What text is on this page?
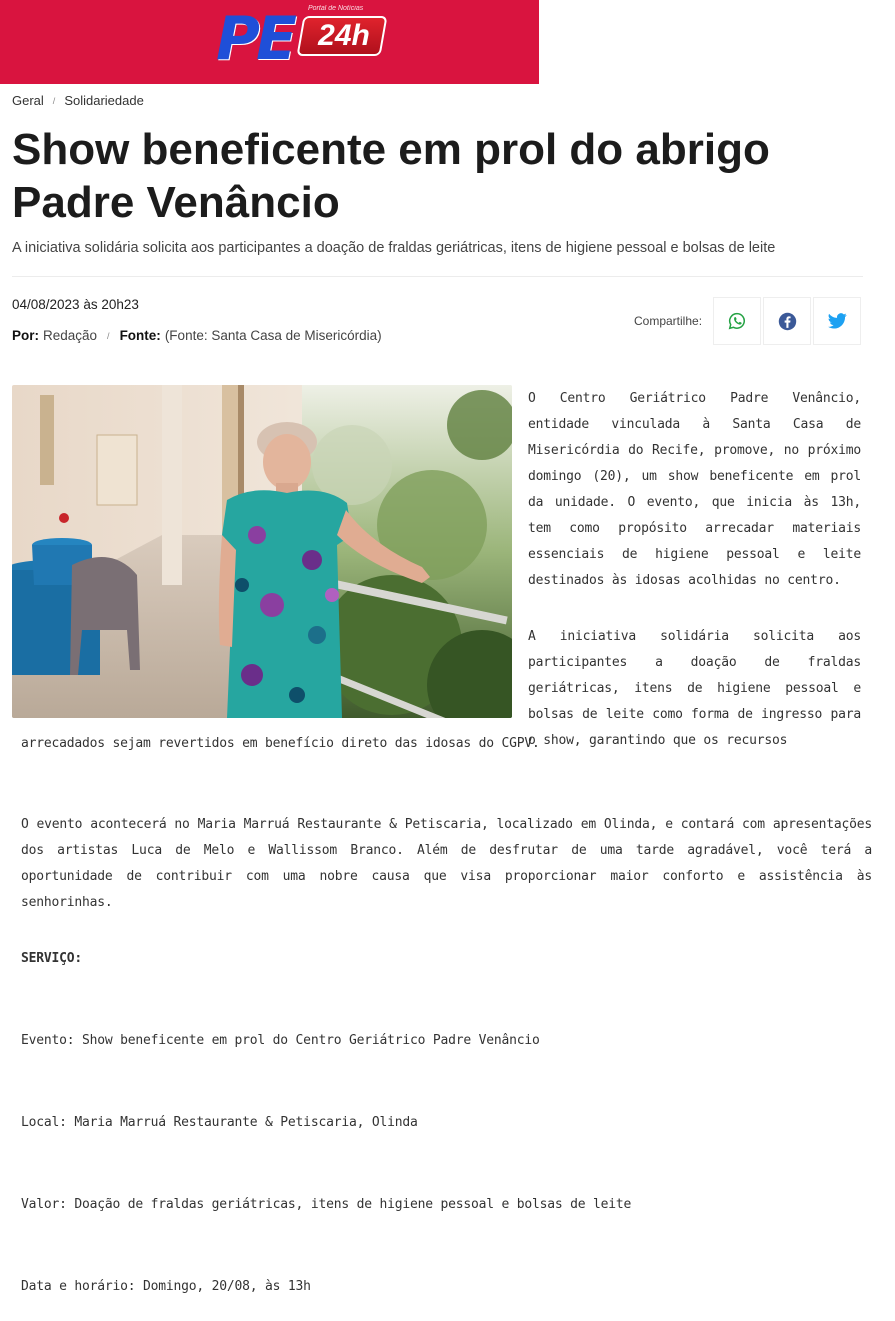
PE 24h
Portal de Notícias
Geral / Solidariedade
Show beneficente em prol do abrigo Padre Venâncio

A iniciativa solidária solicita aos participantes a doação de fraldas geriátricas, itens de higiene pessoal e bolsas de leite

04/08/2023 às 20h23
Por: Redação / Fonte: (Fonte: Santa Casa de Misericórdia)
Compartilhe:

O Centro Geriátrico Padre Venâncio, entidade vinculada à Santa Casa de Misericórdia do Recife, promove, no próximo domingo (20), um show beneficente em prol da unidade. O evento, que inicia às 13h, tem como propósito arrecadar materiais essenciais de higiene pessoal e leite destinados às idosas acolhidas no centro.

A iniciativa solidária solicita aos participantes a doação de fraldas geriátricas, itens de higiene pessoal e bolsas de leite como forma de ingresso para o show, garantindo que os recursos

arrecadados sejam revertidos em benefício direto das idosas do CGPV.

O evento acontecerá no Maria Marruá Restaurante & Petiscaria, localizado em Olinda, e contará com apresentações dos artistas Luca de Melo e Wallissom Branco. Além de desfrutar de uma tarde agradável, você terá a oportunidade de contribuir com uma nobre causa que visa proporcionar maior conforto e assistência às senhorinhas.

SERVIÇO:

Evento: Show beneficente em prol do Centro Geriátrico Padre Venâncio

Local: Maria Marruá Restaurante & Petiscaria, Olinda

Valor: Doação de fraldas geriátricas, itens de higiene pessoal e bolsas de leite

Data e horário: Domingo, 20/08, às 13h
